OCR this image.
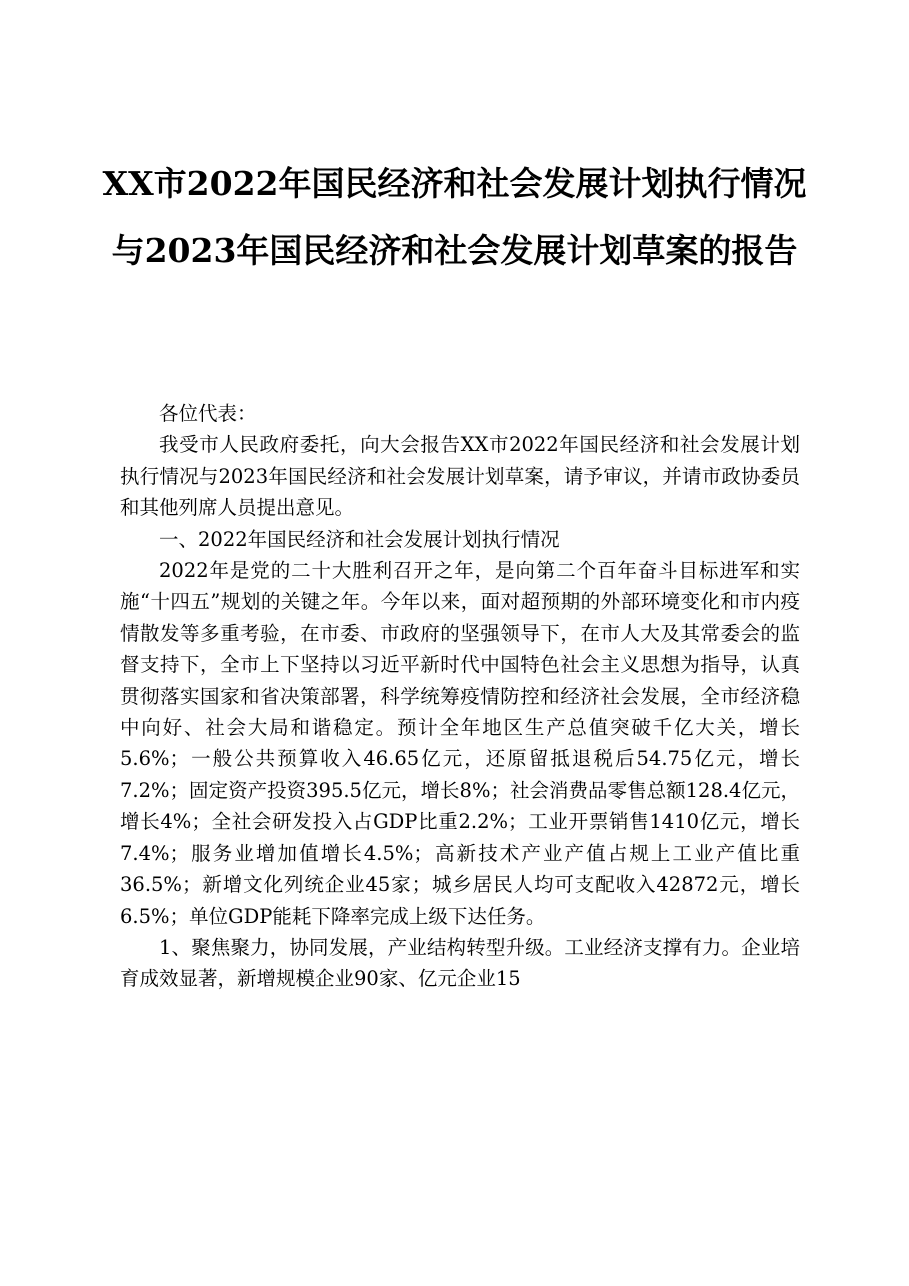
XX市2022年国民经济和社会发展计划执行情况与2023年国民经济和社会发展计划草案的报告

各位代表：

我受市人民政府委托，向大会报告XX市2022年国民经济和社会发展计划执行情况与2023年国民经济和社会发展计划草案，请予审议，并请市政协委员和其他列席人员提出意见。

一、2022年国民经济和社会发展计划执行情况

2022年是党的二十大胜利召开之年，是向第二个百年奋斗目标进军和实施“十四五”规划的关键之年。今年以来，面对超预期的外部环境变化和市内疫情散发等多重考验，在市委、市政府的坚强领导下，在市人大及其常委会的监督支持下，全市上下坚持以习近平新时代中国特色社会主义思想为指导，认真贯彻落实国家和省决策部署，科学统筹疫情防控和经济社会发展，全市经济稳中向好、社会大局和谐稳定。预计全年地区生产总值突破千亿大关，增长5.6%；一般公共预算收入46.65亿元，还原留抵退税后54.75亿元，增长7.2%；固定资产投资395.5亿元，增长8%；社会消费品零售总额128.4亿元，增长4%；全社会研发投入占GDP比重2.2%；工业开票销售1410亿元，增长7.4%；服务业增加值增长4.5%；高新技术产业产值占规上工业产值比重36.5%；新增文化列统企业45家；城乡居民人均可支配收入42872元，增长6.5%；单位GDP能耗下降率完成上级下达任务。

1、聚焦聚力，协同发展，产业结构转型升级。工业经济支撑有力。企业培育成效显著，新增规模企业90家、亿元企业15
